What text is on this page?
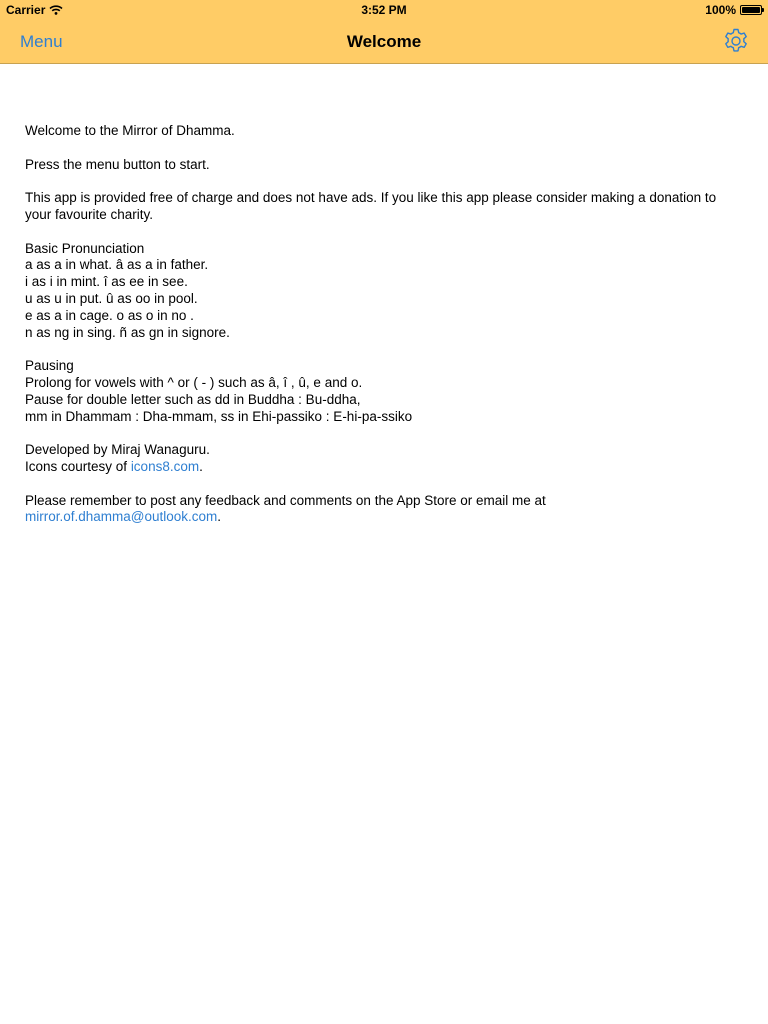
Carrier	3:52 PM	100%
Menu	Welcome

Welcome to the Mirror of Dhamma.

Press the menu button to start.

This app is provided free of charge and does not have ads. If you like this app please consider making a donation to your favourite charity.

Basic Pronunciation
a as a in what. â as a in father.
i as i in mint. î as ee in see.
u as u in put. û as oo in pool.
e as a in cage. o as o in no .
n as ng in sing. ñ as gn in signore.

Pausing
Prolong for vowels with ^ or ( - ) such as â, î , û, e and o.
Pause for double letter such as dd in Buddha : Bu-ddha,
mm in Dhammam : Dha-mmam, ss in Ehi-passiko : E-hi-pa-ssiko

Developed by Miraj Wanaguru.
Icons courtesy of icons8.com.

Please remember to post any feedback and comments on the App Store or email me at
mirror.of.dhamma@outlook.com.
